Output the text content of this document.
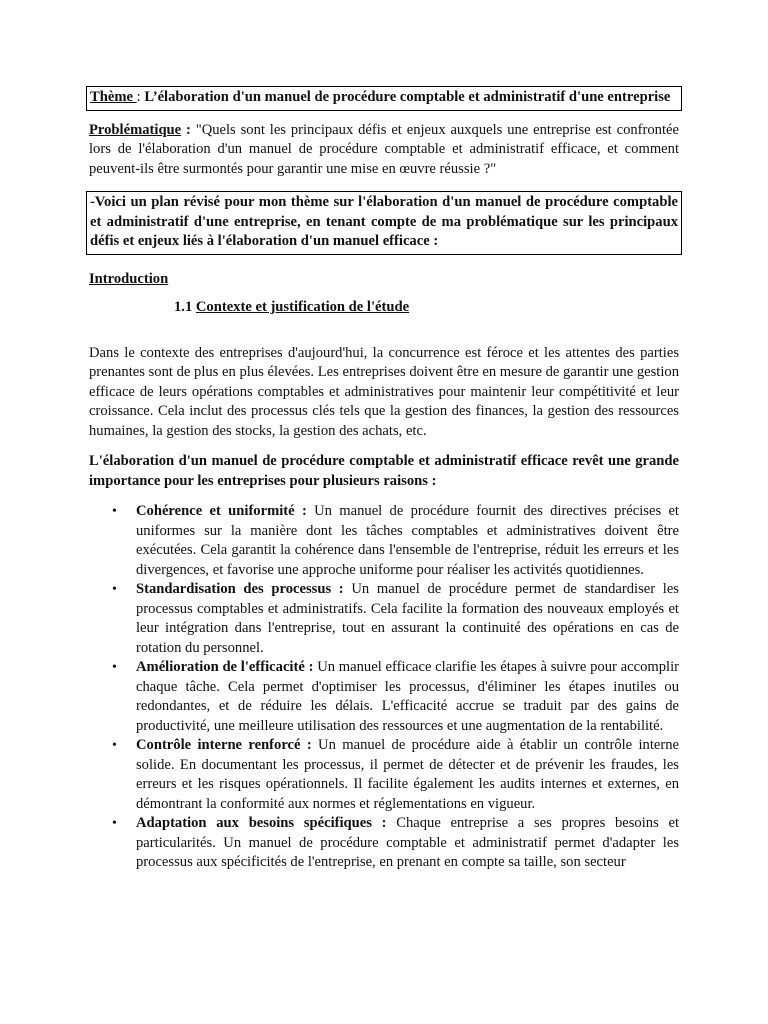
Thème : L’élaboration d'un manuel de procédure comptable et administratif d'une entreprise

Problématique : "Quels sont les principaux défis et enjeux auxquels une entreprise est confrontée lors de l'élaboration d'un manuel de procédure comptable et administratif efficace, et comment peuvent-ils être surmontés pour garantir une mise en œuvre réussie ?"

-Voici un plan révisé pour mon thème sur l'élaboration d'un manuel de procédure comptable et administratif d'une entreprise, en tenant compte de ma problématique sur les principaux défis et enjeux liés à l'élaboration d'un manuel efficace :

Introduction

1.1 Contexte et justification de l'étude

Dans le contexte des entreprises d'aujourd'hui, la concurrence est féroce et les attentes des parties prenantes sont de plus en plus élevées. Les entreprises doivent être en mesure de garantir une gestion efficace de leurs opérations comptables et administratives pour maintenir leur compétitivité et leur croissance. Cela inclut des processus clés tels que la gestion des finances, la gestion des ressources humaines, la gestion des stocks, la gestion des achats, etc.

L'élaboration d'un manuel de procédure comptable et administratif efficace revêt une grande importance pour les entreprises pour plusieurs raisons :

• Cohérence et uniformité : Un manuel de procédure fournit des directives précises et uniformes sur la manière dont les tâches comptables et administratives doivent être exécutées. Cela garantit la cohérence dans l'ensemble de l'entreprise, réduit les erreurs et les divergences, et favorise une approche uniforme pour réaliser les activités quotidiennes.
• Standardisation des processus : Un manuel de procédure permet de standardiser les processus comptables et administratifs. Cela facilite la formation des nouveaux employés et leur intégration dans l'entreprise, tout en assurant la continuité des opérations en cas de rotation du personnel.
• Amélioration de l'efficacité : Un manuel efficace clarifie les étapes à suivre pour accomplir chaque tâche. Cela permet d'optimiser les processus, d'éliminer les étapes inutiles ou redondantes, et de réduire les délais. L'efficacité accrue se traduit par des gains de productivité, une meilleure utilisation des ressources et une augmentation de la rentabilité.
• Contrôle interne renforcé : Un manuel de procédure aide à établir un contrôle interne solide. En documentant les processus, il permet de détecter et de prévenir les fraudes, les erreurs et les risques opérationnels. Il facilite également les audits internes et externes, en démontrant la conformité aux normes et réglementations en vigueur.
• Adaptation aux besoins spécifiques : Chaque entreprise a ses propres besoins et particularités. Un manuel de procédure comptable et administratif permet d'adapter les processus aux spécificités de l'entreprise, en prenant en compte sa taille, son secteur
